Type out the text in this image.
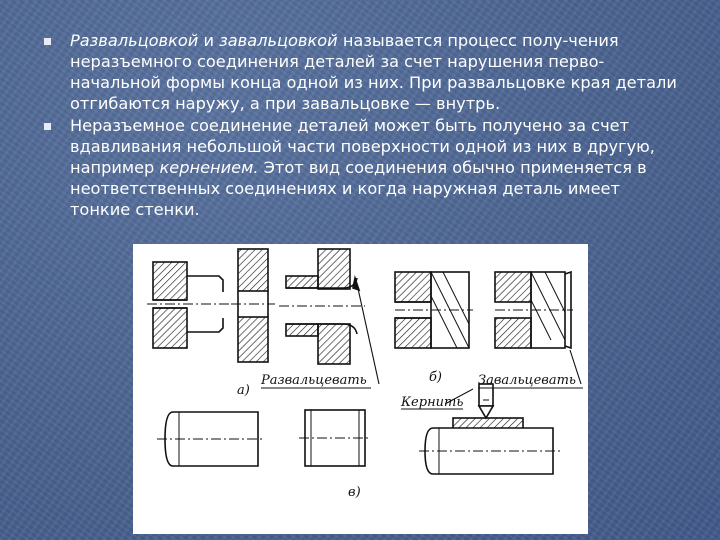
Развальцовкой и завальцовкой называется процесс полу-чения неразъемного соединения деталей за счет нарушения перво-начальной формы конца одной из них. При развальцовке края детали отгибаются наружу, а при завальцовке — внутрь.
Неразъемное соединение деталей может быть получено за счет вдавливания небольшой части поверхности одной из них в другую, например кернением. Этот вид соединения обычно применяется в неответственных соединениях и когда наружная деталь имеет тонкие стенки.
Развальцевать	Завальцевать
Кернить
а)
б)
в)
